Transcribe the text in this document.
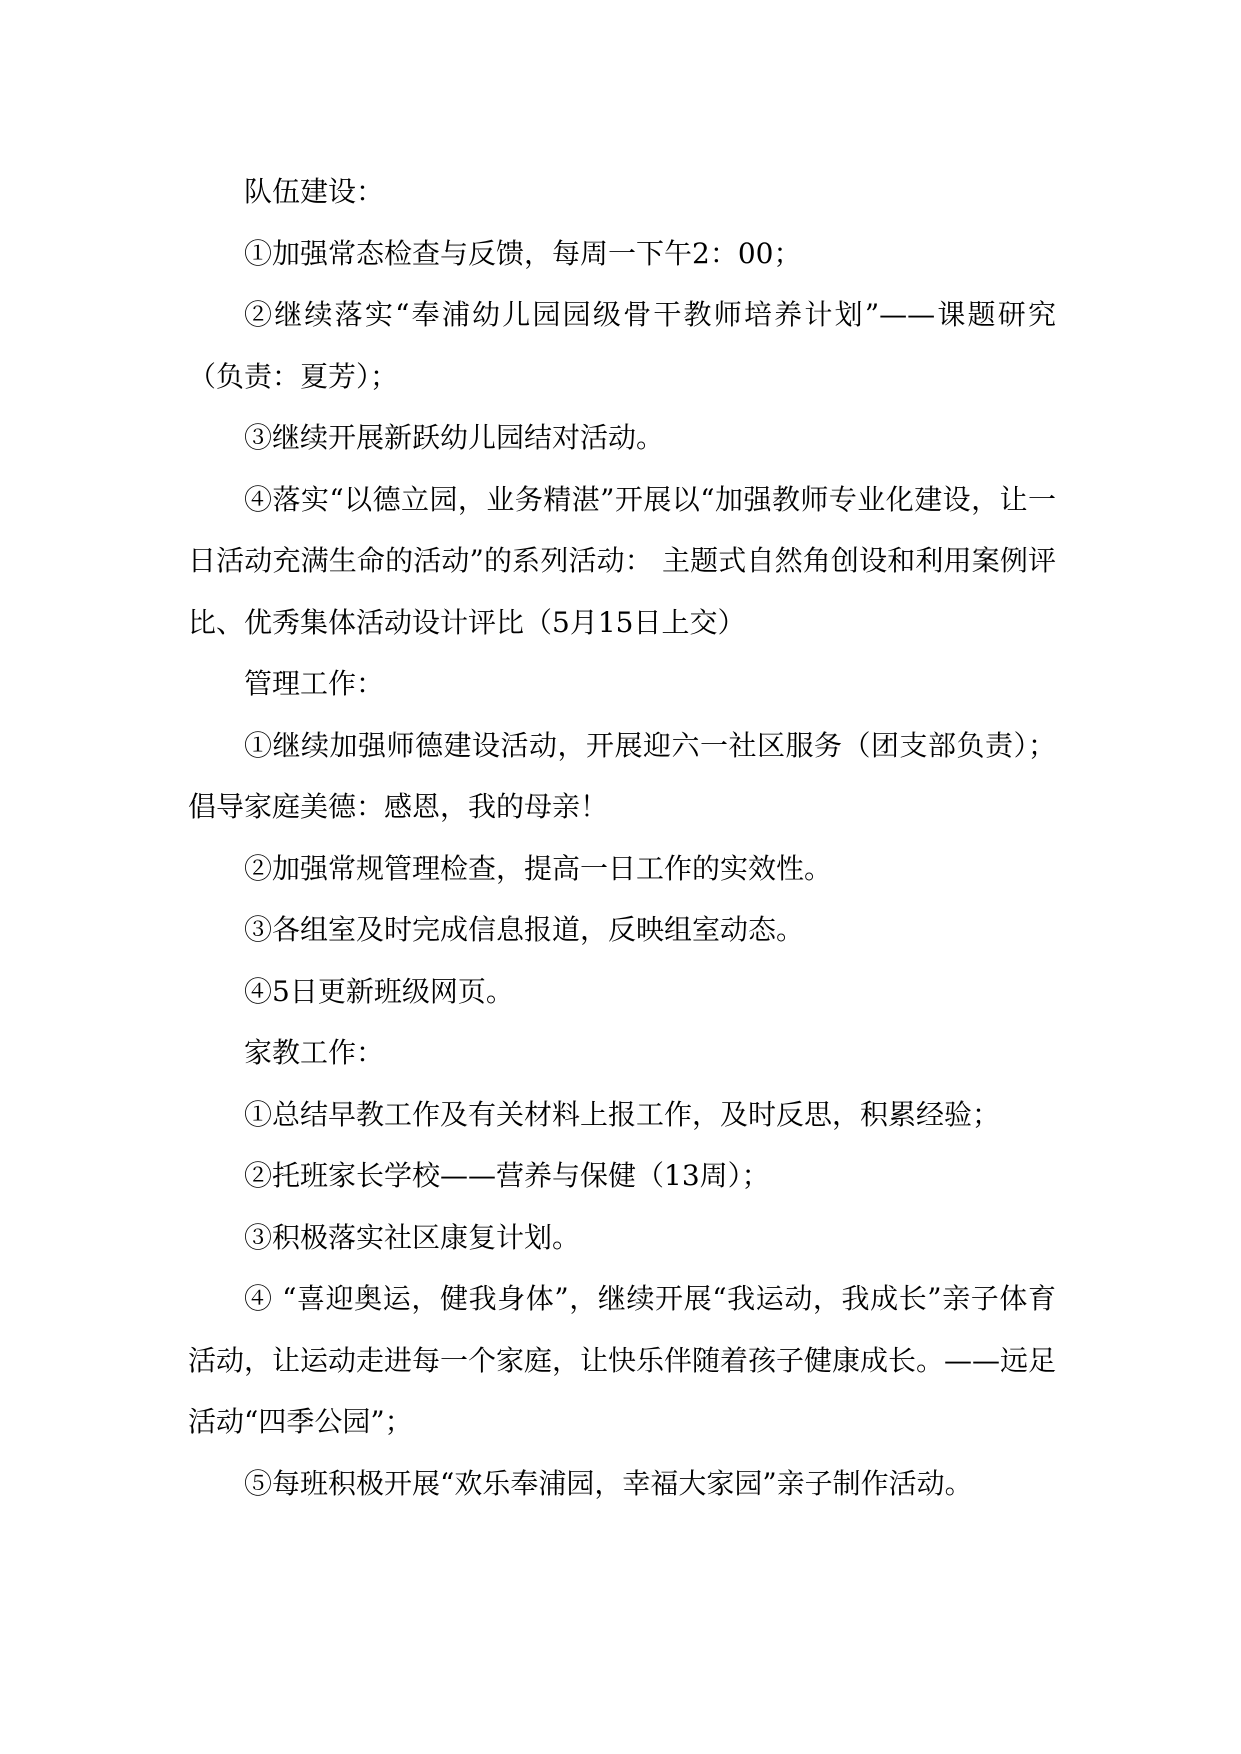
队伍建设：

①加强常态检查与反馈，每周一下午2：00；

②继续落实“奉浦幼儿园园级骨干教师培养计划”——课题研究（负责：夏芳）；

③继续开展新跃幼儿园结对活动。

④落实“以德立园，业务精湛”开展以“加强教师专业化建设，让一日活动充满生命的活动”的系列活动： 主题式自然角创设和利用案例评比、优秀集体活动设计评比（5月15日上交）

管理工作：

①继续加强师德建设活动，开展迎六一社区服务（团支部负责）；倡导家庭美德：感恩，我的母亲！

②加强常规管理检查，提高一日工作的实效性。

③各组室及时完成信息报道，反映组室动态。

④5日更新班级网页。

家教工作：

①总结早教工作及有关材料上报工作，及时反思，积累经验；

②托班家长学校——营养与保健（13周）；

③积极落实社区康复计划。

④ “喜迎奥运，健我身体”，继续开展“我运动，我成长”亲子体育活动，让运动走进每一个家庭，让快乐伴随着孩子健康成长。——远足活动“四季公园”；

⑤每班积极开展“欢乐奉浦园，幸福大家园”亲子制作活动。
